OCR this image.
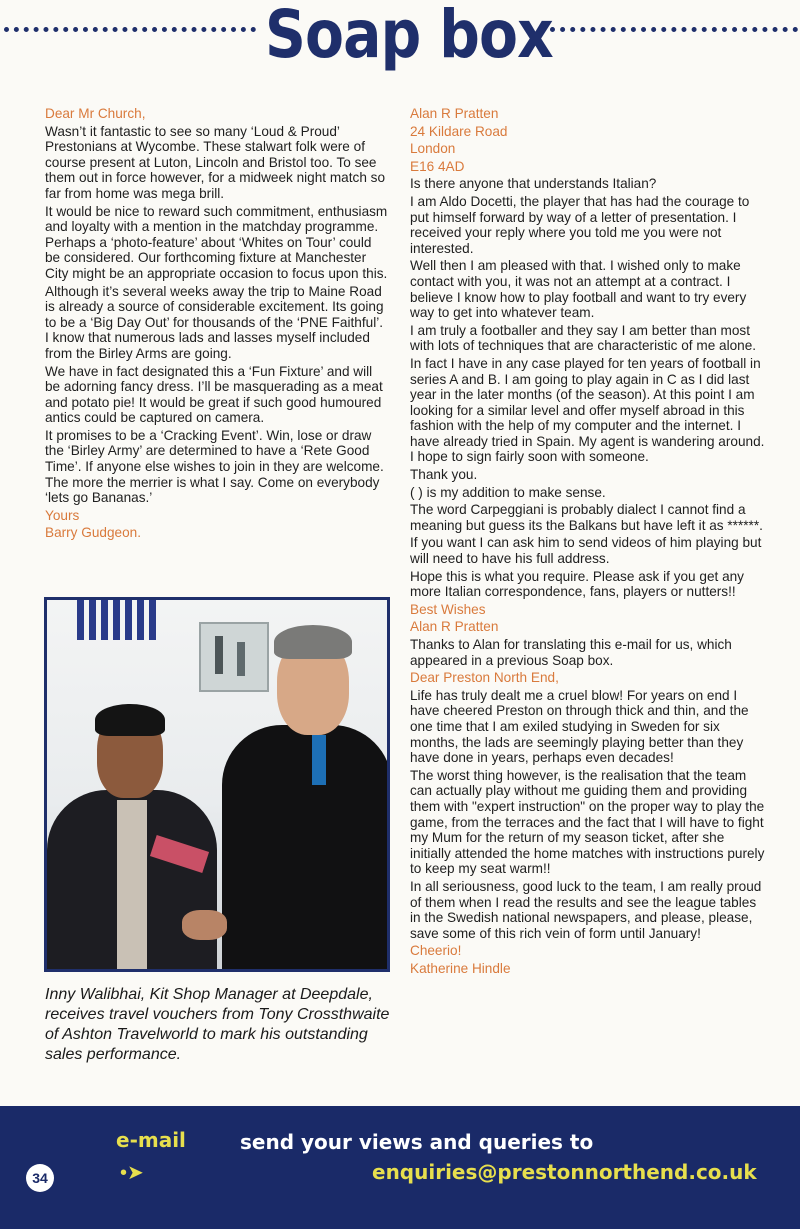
Soap box

Dear Mr Church,

Wasn’t it fantastic to see so many ‘Loud & Proud’ Prestonians at Wycombe. These stalwart folk were of course present at Luton, Lincoln and Bristol too. To see them out in force however, for a midweek night match so far from home was mega brill.

It would be nice to reward such commitment, enthusiasm and loyalty with a mention in the matchday programme. Perhaps a ‘photo-feature’ about ‘Whites on Tour’ could be considered. Our forthcoming fixture at Manchester City might be an appropriate occasion to focus upon this.

Although it’s several weeks away the trip to Maine Road is already a source of considerable excitement. Its going to be a ‘Big Day Out’ for thousands of the ‘PNE Faithful’. I know that numerous lads and lasses myself included from the Birley Arms are going.

We have in fact designated this a ‘Fun Fixture’ and will be adorning fancy dress. I’ll be masquerading as a meat and potato pie! It would be great if such good humoured antics could be captured on camera.

It promises to be a ‘Cracking Event’. Win, lose or draw the ‘Birley Army’ are determined to have a ‘Rete Good Time’. If anyone else wishes to join in they are welcome. The more the merrier is what I say. Come on everybody ‘lets go Bananas.’

Yours

Barry Gudgeon.

Inny Walibhai, Kit Shop Manager at Deepdale, receives travel vouchers from Tony Crossthwaite of Ashton Travelworld to mark his outstanding sales performance.

Alan R Pratten

24 Kildare Road

London

E16 4AD

Is there anyone that understands Italian?

I am Aldo Docetti, the player that has had the courage to put himself forward by way of a letter of presentation. I received your reply where you told me you were not interested.

Well then I am pleased with that. I wished only to make contact with you, it was not an attempt at a contract. I believe I know how to play football and want to try every way to get into whatever team.

I am truly a footballer and they say I am better than most with lots of techniques that are characteristic of me alone.

In fact I have in any case played for ten years of football in series A and B. I am going to play again in C as I did last year in the later months (of the season). At this point I am looking for a similar level and offer myself abroad in this fashion with the help of my computer and the internet. I have already tried in Spain. My agent is wandering around. I hope to sign fairly soon with someone.

Thank you.

( ) is my addition to make sense.

The word Carpeggiani is probably dialect I cannot find a meaning but guess its the Balkans but have left it as ******.

If you want I can ask him to send videos of him playing but will need to have his full address.

Hope this is what you require. Please ask if you get any more Italian correspondence, fans, players or nutters!!

Best Wishes

Alan R Pratten

Thanks to Alan for translating this e-mail for us, which appeared in a previous Soap box.

Dear Preston North End,

Life has truly dealt me a cruel blow! For years on end I have cheered Preston on through thick and thin, and the one time that I am exiled studying in Sweden for six months, the lads are seemingly playing better than they have done in years, perhaps even decades!

The worst thing however, is the realisation that the team can actually play without me guiding them and providing them with "expert instruction" on the proper way to play the game, from the terraces and the fact that I will have to fight my Mum for the return of my season ticket, after she initially attended the home matches with instructions purely to keep my seat warm!!

In all seriousness, good luck to the team, I am really proud of them when I read the results and see the league tables in the Swedish national newspapers, and please, please, save some of this rich vein of form until January!

Cheerio!

Katherine Hindle

e-mail
•➤
send your views and queries to
enquiries@prestonnorthend.co.uk
34
